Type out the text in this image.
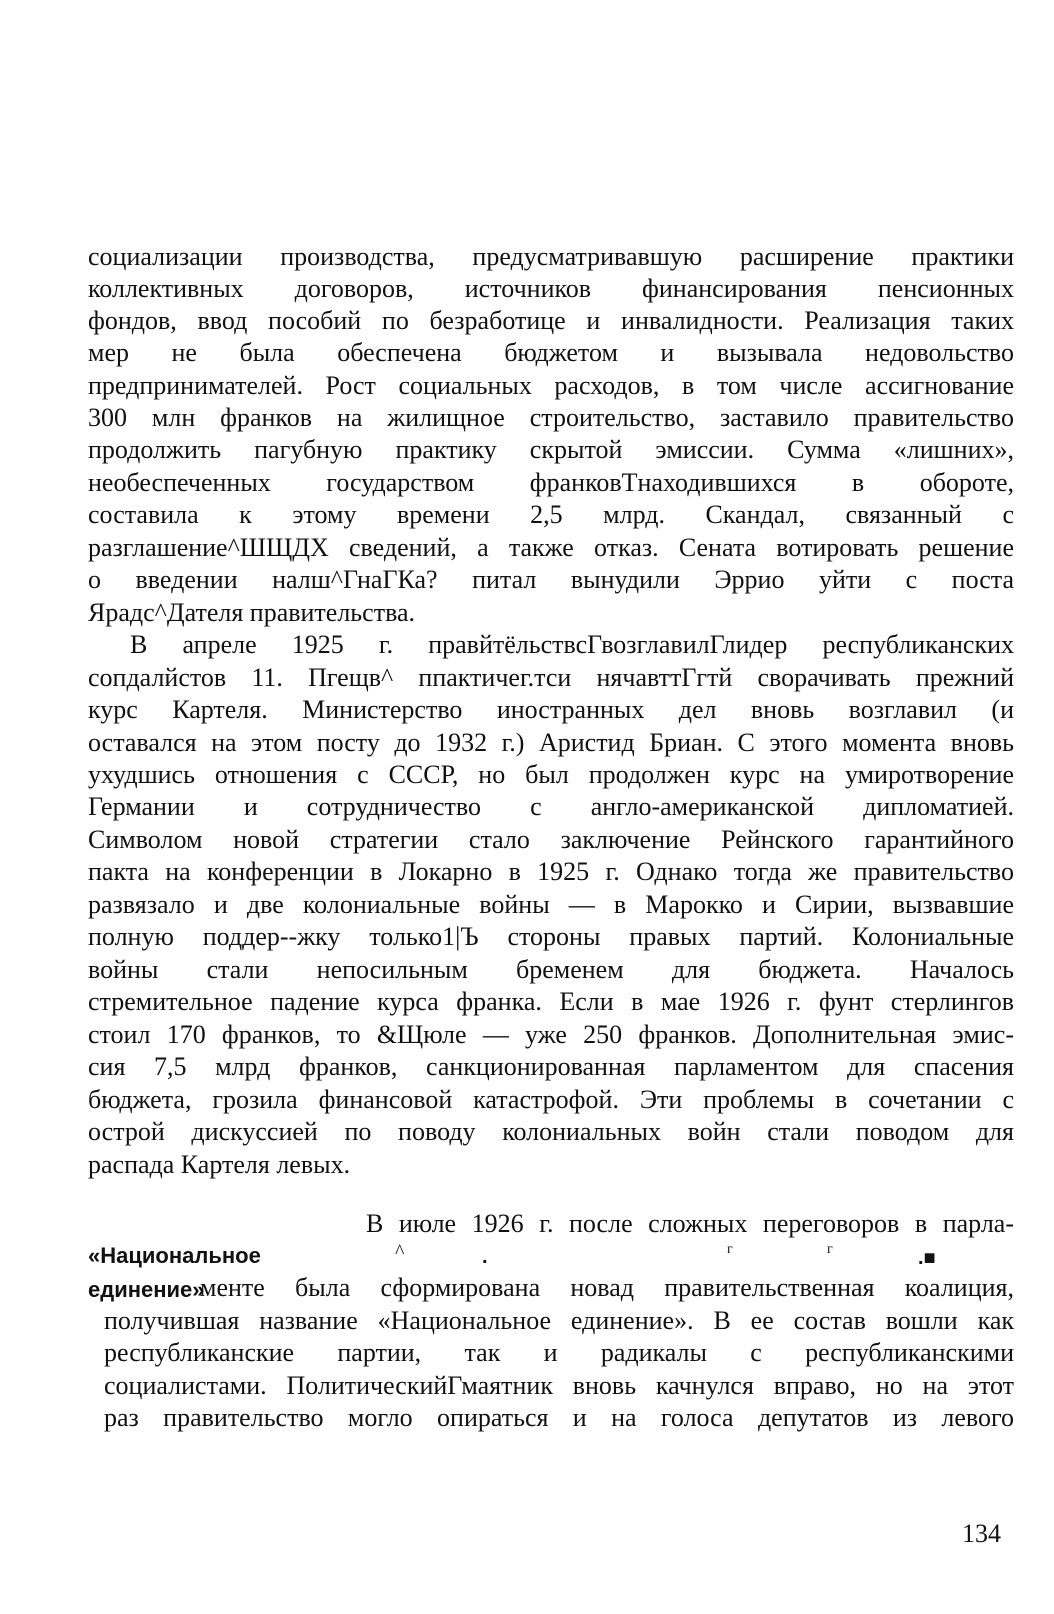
социализации производства, предусматривавшую расширение практики
коллективных договоров, источников финансирования пенсионных
фондов, ввод пособий по безработице и инвалидности. Реализация таких
мер не была обеспечена бюджетом и вызывала недовольство
предпринимателей. Рост социальных расходов, в том числе ассигнование
300 млн франков на жилищное строительство, заставило правительство
продолжить пагубную практику скрытой эмиссии. Сумма «лишних»,
необеспеченных государством франковТнаходившихся в обороте,
составила к этому времени 2,5 млрд. Скандал, связанный с
разглашение^ШЩДХ сведений, а также отказ. Сената вотировать решение
о введении налш^ГнаГКа? питал вынудили Эррио уйти с поста
Ярадс^Дателя правительства.
В апреле 1925 г. правйтёльствсГвозглавилГлидер республиканских
сопдалйстов 11. Пгещв^ ппактичег.тси нячавттГгтй сворачивать прежний
курс Картеля. Министерство иностранных дел вновь возглавил (и
оставался на этом посту до 1932 г.) Аристид Бриан. С этого момента вновь
ухудшись отношения с СССР, но был продолжен курс на умиротворение
Германии и сотрудничество с англо-американской дипломатией.
Символом новой стратегии стало заключение Рейнского гарантийного
пакта на конференции в Локарно в 1925 г. Однако тогда же правительство
развязало и две колониальные войны — в Марокко и Сирии, вызвавшие
полную поддер--жку только1|Ъ стороны правых партий. Колониальные
войны стали непосильным бременем для бюджета. Началось
стремительное падение курса франка. Если в мае 1926 г. фунт стерлингов
стоил 170 франков, то &Щюле — уже 250 франков. Дополнительная эмис-
сия 7,5 млрд франков, санкционированная парламентом для спасения
бюджета, грозила финансовой катастрофой. Эти проблемы в сочетании с
острой дискуссией по поводу колониальных войн стали поводом для
распада Картеля левых.
В июле 1926 г. после сложных переговоров в парла-
«Национальное	^	.	г	г	.■
единение»
менте была сформирована новад правительственная коалиция,
получившая название «Национальное единение». В ее состав вошли как
республиканские партии, так и радикалы с республиканскими
социалистами. ПолитическийГмаятник вновь качнулся вправо, но на этот
раз правительство могло опираться и на голоса депутатов из левого
134
